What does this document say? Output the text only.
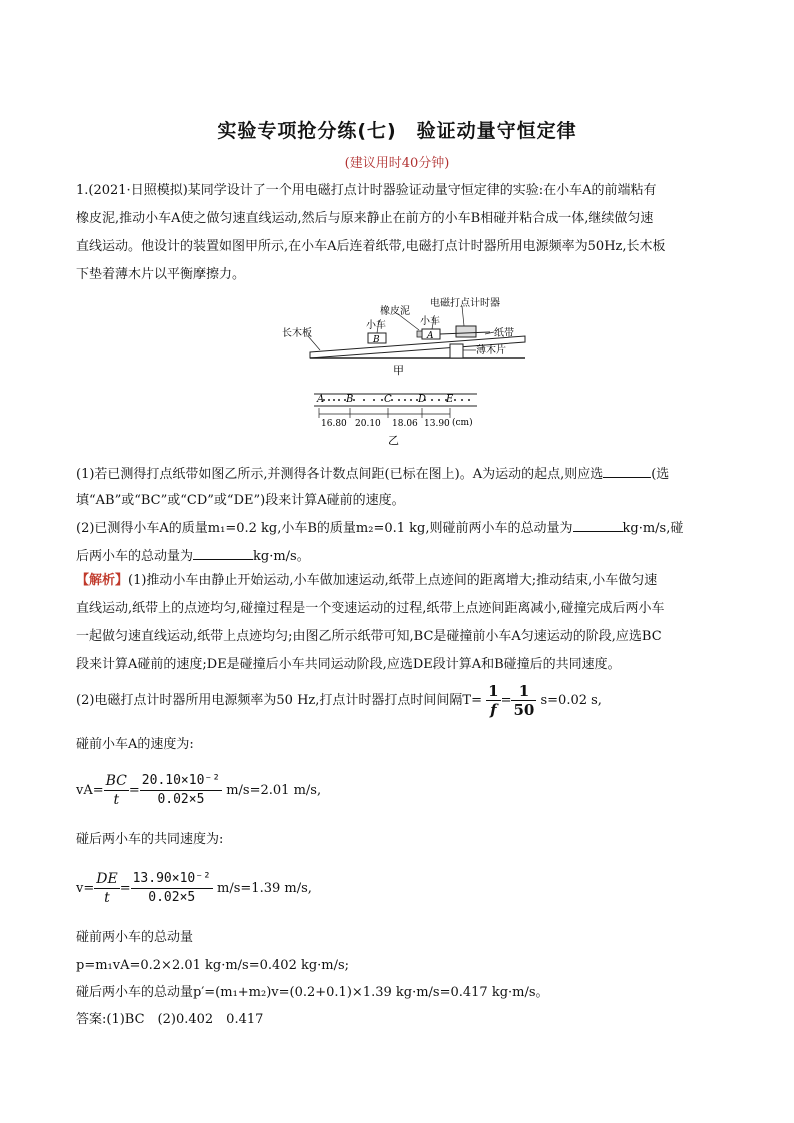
实验专项抢分练(七)　验证动量守恒定律
(建议用时40分钟)
1.(2021·日照模拟)某同学设计了一个用电磁打点计时器验证动量守恒定律的实验:在小车A的前端粘有
橡皮泥,推动小车A使之做匀速直线运动,然后与原来静止在前方的小车B相碰并粘合成一体,继续做匀速
直线运动。他设计的装置如图甲所示,在小车A后连着纸带,电磁打点计时器所用电源频率为50Hz,长木板
下垫着薄木片以平衡摩擦力。
长木板
小车
B
橡皮泥
小车
A
电磁打点计时器
纸带
薄木片
甲
A B	C	D E
16.80 20.10 18.06 13.90 (cm)
乙
(1)若已测得打点纸带如图乙所示,并测得各计数点间距(已标在图上)。A为运动的起点,则应选	(选
填“AB”或“BC”或“CD”或“DE”)段来计算A碰前的速度。
(2)已测得小车A的质量m₁=0.2 kg,小车B的质量m₂=0.1 kg,则碰前两小车的总动量为	kg·m/s,碰
后两小车的总动量为	kg·m/s。
【解析】(1)推动小车由静止开始运动,小车做加速运动,纸带上点迹间的距离增大;推动结束,小车做匀速
直线运动,纸带上的点迹均匀,碰撞过程是一个变速运动的过程,纸带上点迹间距离减小,碰撞完成后两小车
一起做匀速直线运动,纸带上点迹均匀;由图乙所示纸带可知,BC是碰撞前小车A匀速运动的阶段,应选BC
段来计算A碰前的速度;DE是碰撞后小车共同运动阶段,应选DE段计算A和B碰撞后的共同速度。
(2)电磁打点计时器所用电源频率为50 Hz,打点计时器打点时间间隔$T= \frac{1}{f} = \frac{1}{50} s=0.02$ s,
碰前小车A的速度为:
$vA= \frac{BC}{t} = \frac{\text{20.10×10⁻²}}{0.02\times 5} m/s=2.01$ m/s,
碰后两小车的共同速度为:
$v= \frac{DE}{t} = \frac{\text{13.90×10⁻²}}{0.02\times 5} m/s=1.39$ m/s,
碰前两小车的总动量
p=m₁vA=0.2×2.01 kg·m/s=0.402 kg·m/s;
碰后两小车的总动量p′=(m₁+m₂)v=(0.2+0.1)×1.39 kg·m/s=0.417 kg·m/s。
答案:(1)BC　(2)0.402　0.417
